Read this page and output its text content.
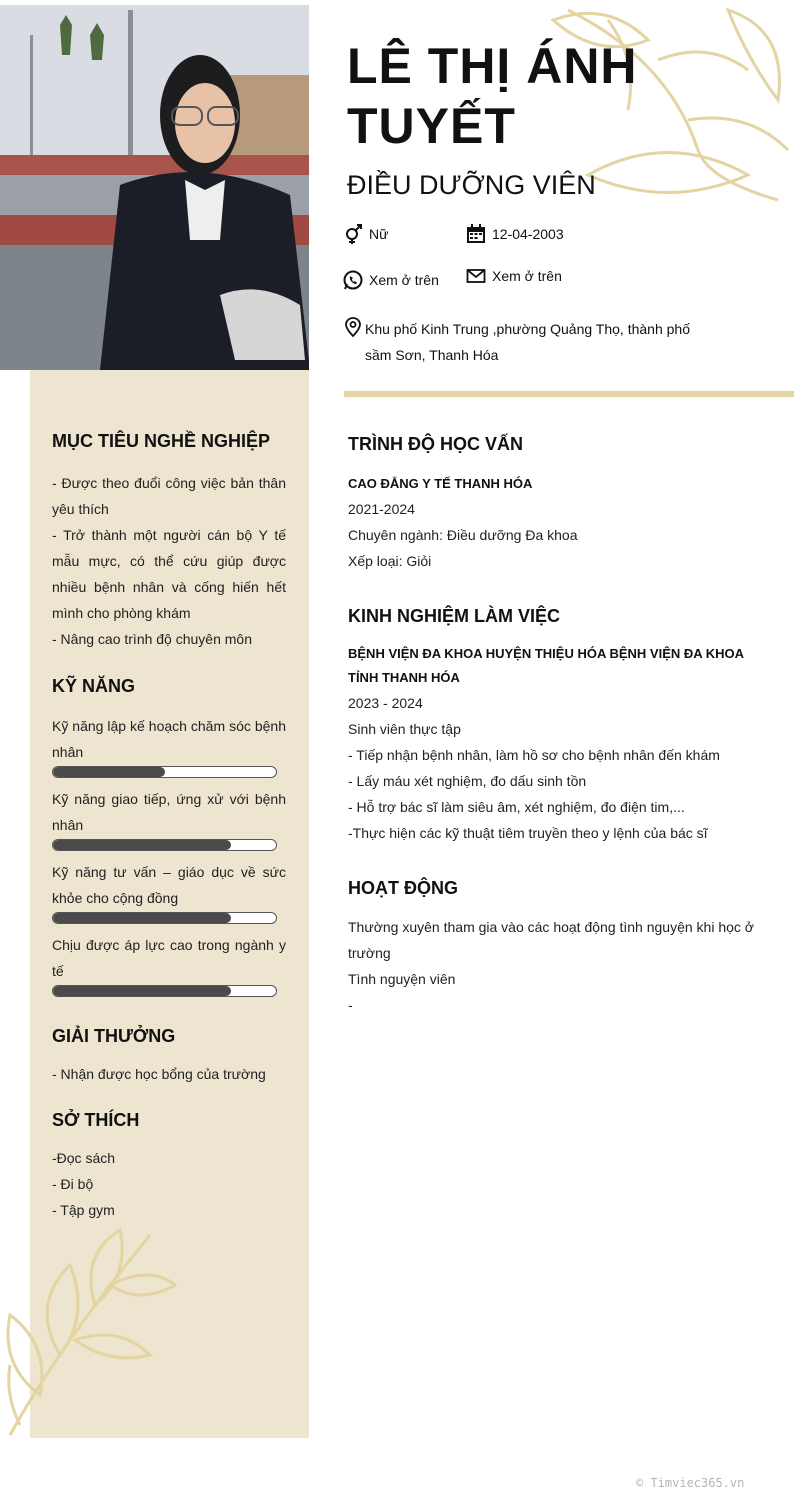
LÊ THỊ ÁNH TUYẾT
ĐIỀU DƯỠNG VIÊN
Nữ	12-04-2003
Xem ở trên	Xem ở trên
Khu phố Kinh Trung ,phường Quảng Thọ, thành phố sầm Sơn, Thanh Hóa
MỤC TIÊU NGHỀ NGHIỆP
- Được theo đuổi công việc bản thân yêu thích
- Trở thành một người cán bộ Y tế mẫu mực, có thể cứu giúp được nhiều bệnh nhân và cống hiến hết mình cho phòng khám
- Nâng cao trình độ chuyên môn
KỸ NĂNG
Kỹ năng lập kế hoạch chăm sóc bệnh nhân
Kỹ năng giao tiếp, ứng xử với bệnh nhân
Kỹ năng tư vấn – giáo dục về sức khỏe cho cộng đồng
Chịu được áp lực cao trong ngành y tế
GIẢI THƯỞNG
- Nhận được học bổng của trường
SỞ THÍCH
-Đọc sách
- Đi bộ
- Tập gym
TRÌNH ĐỘ HỌC VẤN
CAO ĐẲNG Y TẾ THANH HÓA
2021-2024
Chuyên ngành: Điều dưỡng Đa khoa
Xếp loại: Giỏi
KINH NGHIỆM LÀM VIỆC
BỆNH VIỆN ĐA KHOA HUYỆN THIỆU HÓA BỆNH VIỆN ĐA KHOA TỈNH THANH HÓA
2023 - 2024
Sinh viên thực tập
- Tiếp nhận bệnh nhân, làm hồ sơ cho bệnh nhân đến khám
- Lấy máu xét nghiệm, đo dấu sinh tồn
- Hỗ trợ bác sĩ làm siêu âm, xét nghiệm, đo điện tim,...
-Thực hiện các kỹ thuật tiêm truyền theo y lệnh của bác sĩ
HOẠT ĐỘNG
Thường xuyên tham gia vào các hoạt động tình nguyện khi học ở trường
Tình nguyện viên
-
© Timviec365.vn
